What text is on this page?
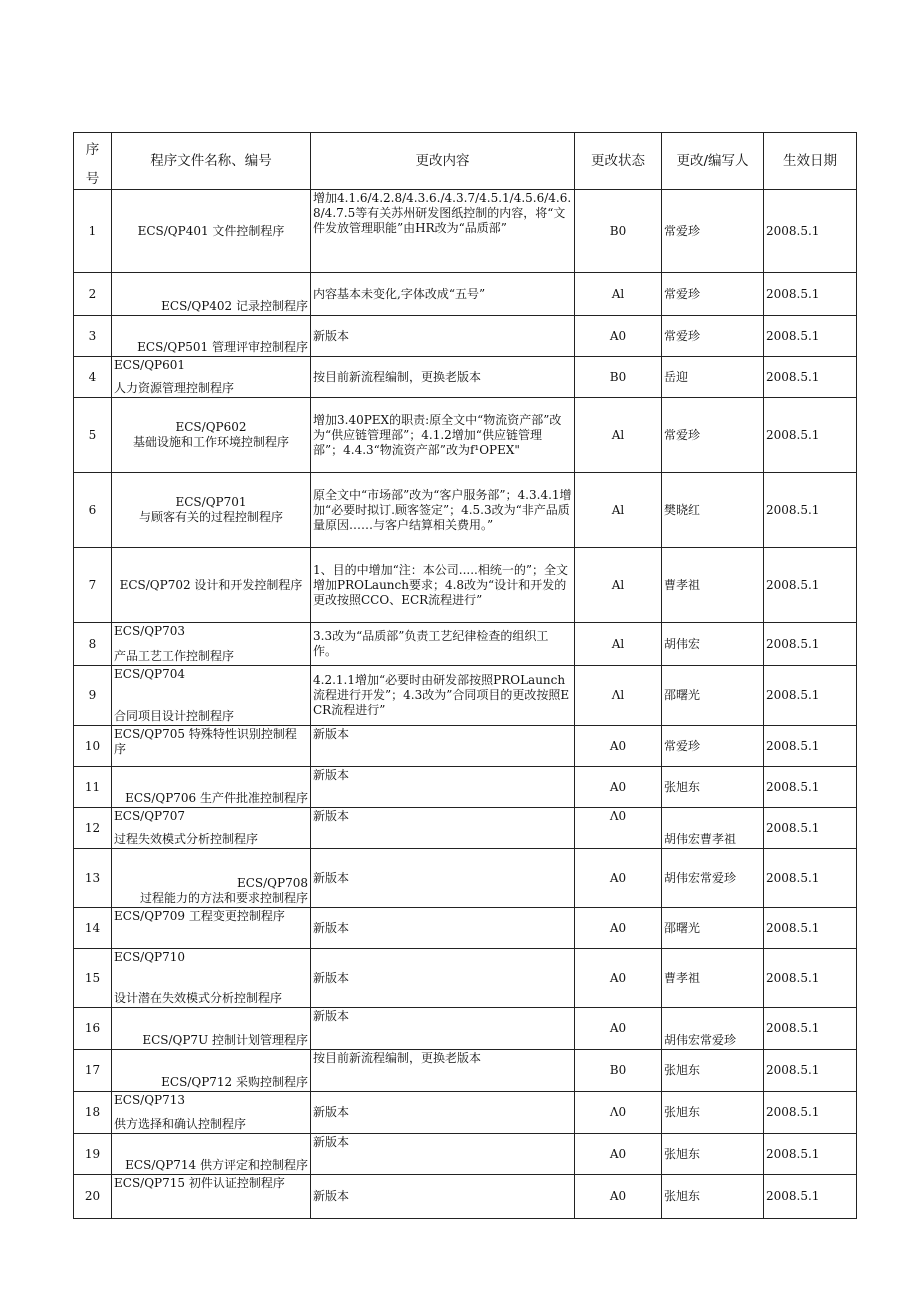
序
号	程序文件名称、编号	更改内容	更改状态	更改/编写人	生效日期

1	ECS/QP401 文件控制程序	增加4.1.6/4.2.8/4.3.6./4.3.7/4.5.1/4.5.6/4.6.8/4.7.5等有关苏州研发图纸控制的内容，将“文件发放管理职能”由HR改为“品质部”	B0	常爱珍	2008.5.1

2	ECS/QP402 记录控制程序	内容基本未变化,字体改成“五号”	Al	常爱珍	2008.5.1

3	ECS/QP501 管理评审控制程序	新版本	A0	常爱珍	2008.5.1

4	ECS/QP601
人力资源管理控制程序	按目前新流程编制，更换老版本	B0	岳迎	2008.5.1

5	ECS/QP602
基础设施和工作环境控制程序	增加3.40PEX的职责:原全文中“物流资产部”改为“供应链管理部”；4.1.2增加“供应链管理部”；4.4.3“物流资产部”改为f¹OPEX"	Al	常爱珍	2008.5.1

6	ECS/QP701
与顾客有关的过程控制程序	原全文中“市场部”改为“客户服务部”；4.3.4.1增加“必要时拟订.顾客签定”；4.5.3改为“非产品质量原因……与客户结算相关费用。”	Al	樊晓红	2008.5.1

7	ECS/QP702 设计和开发控制程序	1、目的中增加“注：本公司.....相统一的”；全文增加PROLaunch要求；4.8改为“设计和开发的更改按照CCO、ECR流程进行”	Al	曹孝祖	2008.5.1

8	ECS/QP703
产品工艺工作控制程序	3.3改为“品质部”负责工艺纪律检查的组织工作。	Al	胡伟宏	2008.5.1

9	ECS/QP704
合同项目设计控制程序	4.2.1.1增加“必要时由研发部按照PROLaunch流程进行开发”；4.3改为”合同项目的更改按照ECR流程进行”	Λl	邵曙光	2008.5.1

10	ECS/QP705 特殊特性识别控制程序	新版本	A0	常爱珍	2008.5.1

11	ECS/QP706 生产件批准控制程序	新版本	A0	张旭东	2008.5.1

12	ECS/QP707
过程失效模式分析控制程序	新版本	Λ0	胡伟宏曹孝祖	2008.5.1

13	ECS/QP708
过程能力的方法和要求控制程序	新版本	A0	胡伟宏常爱珍	2008.5.1

14	ECS/QP709 工程变更控制程序	新版本	A0	邵曙光	2008.5.1

15	ECS/QP710
设计潜在失效模式分析控制程序	新版本	A0	曹孝祖	2008.5.1

16	ECS/QP7U 控制计划管理程序	新版本	A0	胡伟宏常爱珍	2008.5.1

17	ECS/QP712 采购控制程序	按目前新流程编制，更换老版本	B0	张旭东	2008.5.1

18	ECS/QP713
供方选择和确认控制程序	新版本	Λ0	张旭东	2008.5.1

19	ECS/QP714 供方评定和控制程序	新版本	A0	张旭东	2008.5.1

20	ECS/QP715 初件认证控制程序	新版本	A0	张旭东	2008.5.1
